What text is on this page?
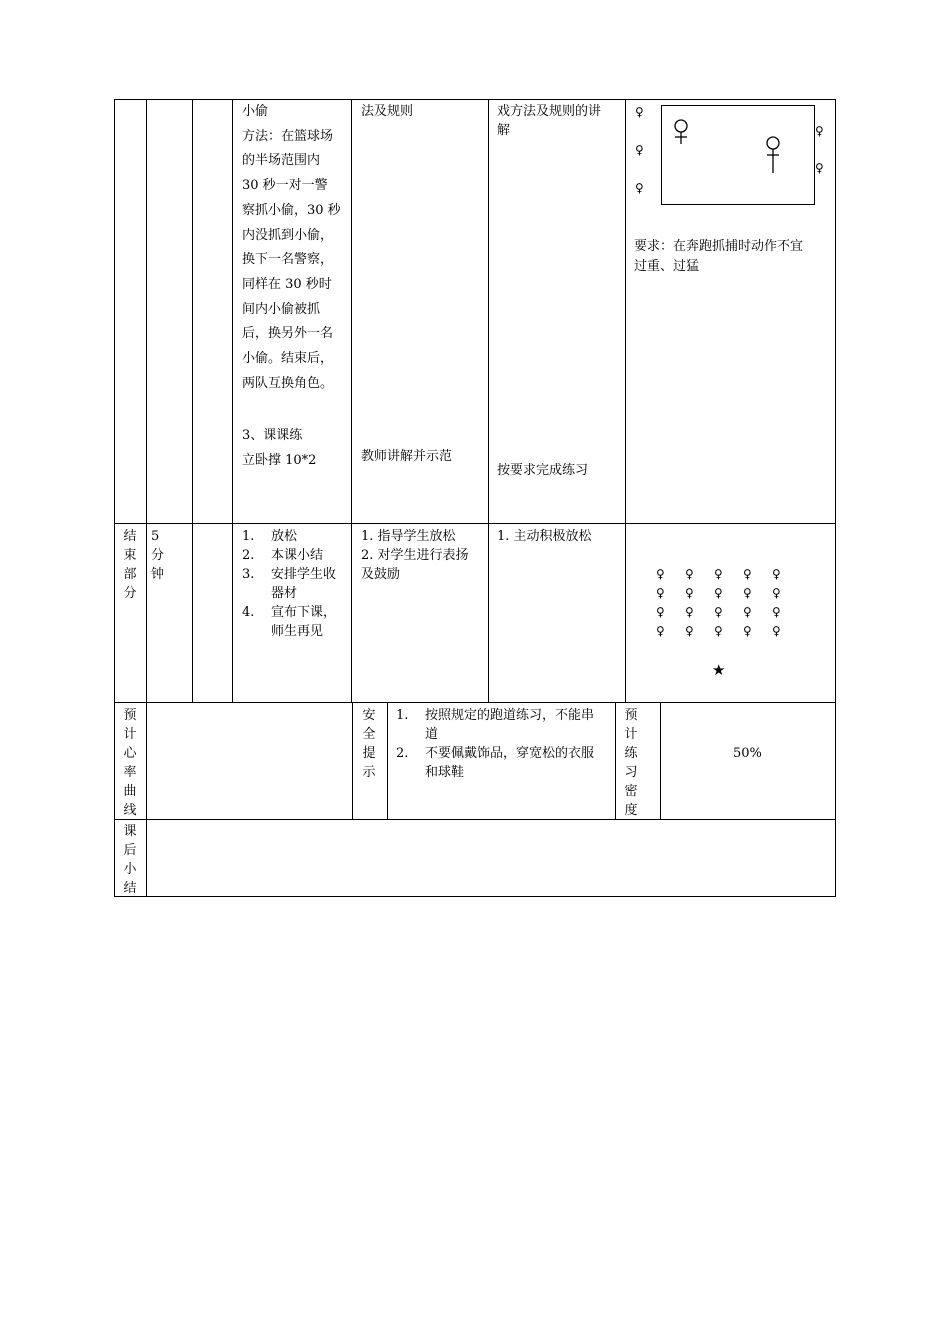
小偷
方法：在篮球场
的半场范围内
30 秒一对一警
察抓小偷，30 秒
内没抓到小偷，
换下一名警察，
同样在 30 秒时
间内小偷被抓
后，换另外一名
小偷。结束后，
两队互换角色。
3、课课练
立卧撑 10*2
法及规则
教师讲解并示范
戏方法及规则的讲
解
按要求完成练习
♀
♀
♀
♀
♀
要求：在奔跑抓捕时动作不宜
过重、过猛
结
束
部
分
5
分
钟
1. 放松
2. 本课小结
3. 安排学生收
器材
4. 宣布下课，
师生再见
1. 指导学生放松
2. 对学生进行表扬
及鼓励
1. 主动积极放松
♀ ♀ ♀ ♀ ♀
♀ ♀ ♀ ♀ ♀
♀ ♀ ♀ ♀ ♀
♀ ♀ ♀ ♀ ♀
★
预
计
心
率
曲
线
安
全
提
示
1. 按照规定的跑道练习，不能串
道
2. 不要佩戴饰品，穿宽松的衣服
和球鞋
预
计
练
习
密
度
50%
课
后
小
结
